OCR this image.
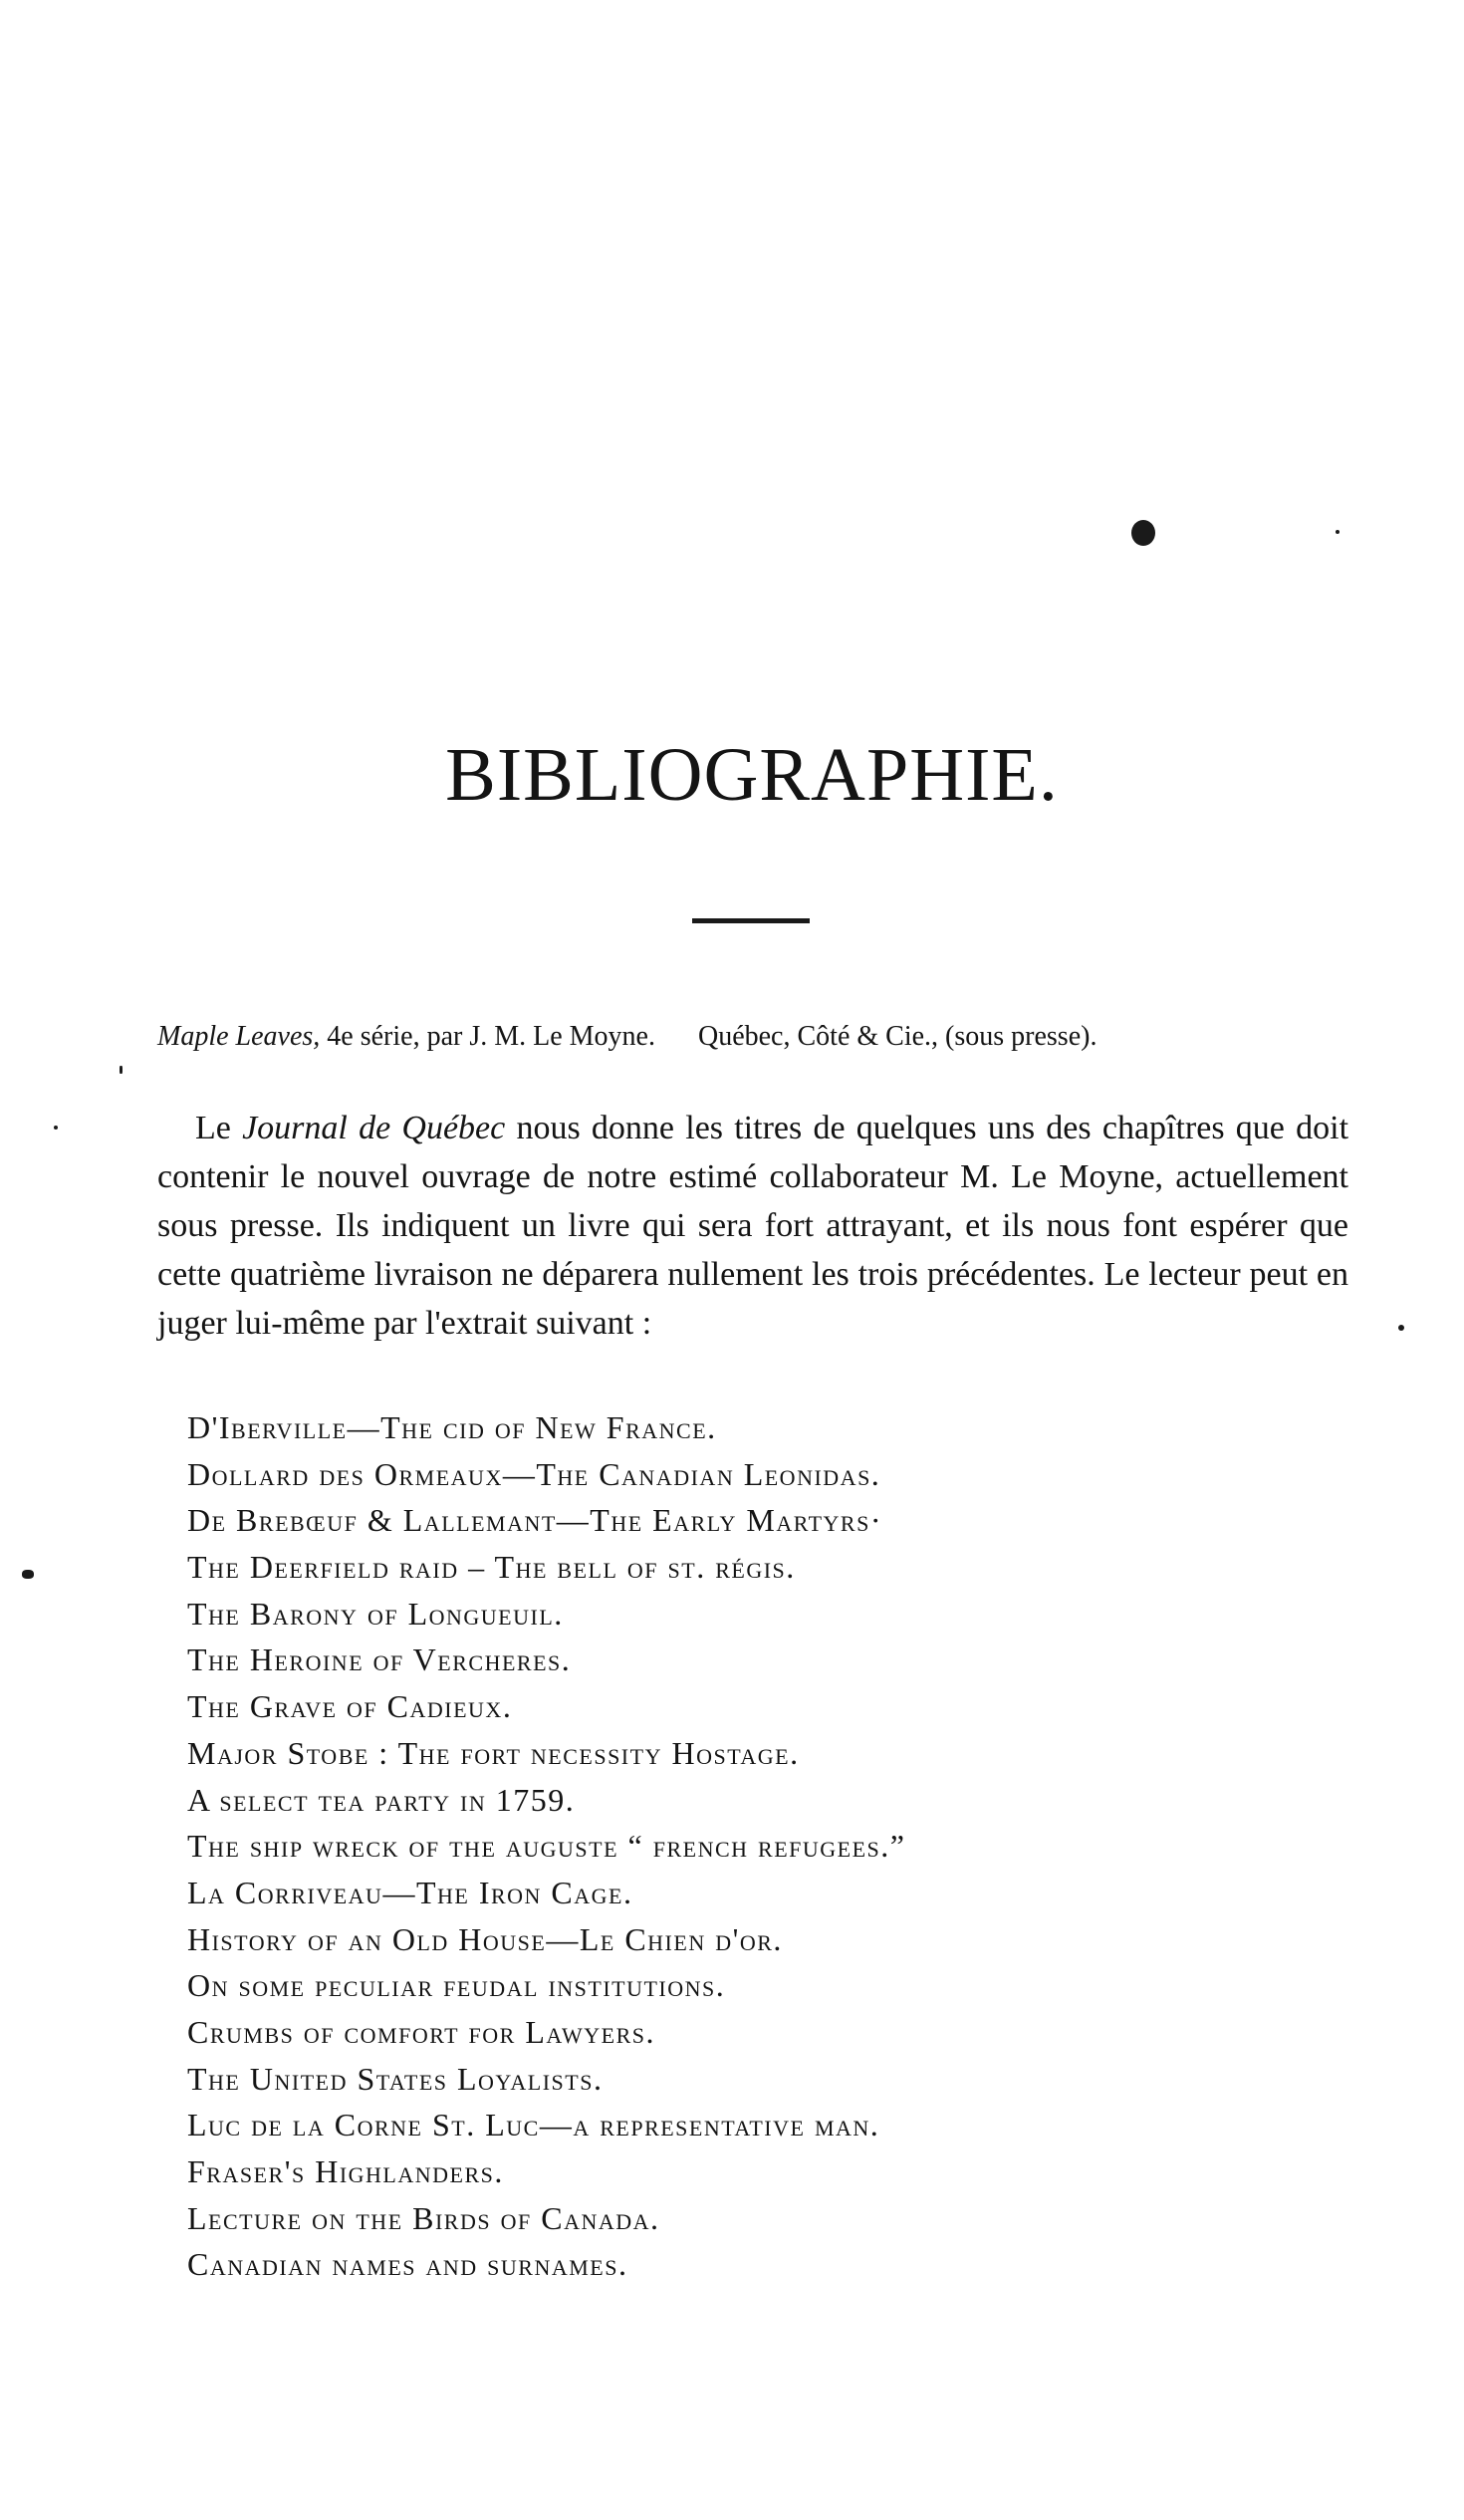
BIBLIOGRAPHIE.
Maple Leaves, 4e série, par J. M. Le Moyne. Québec, Côté & Cie., (sous presse).

Le Journal de Québec nous donne les titres de quelques uns des chapîtres que doit contenir le nouvel ouvrage de notre estimé collaborateur M. Le Moyne, actuellement sous presse. Ils indiquent un livre qui sera fort attrayant, et ils nous font espérer que cette quatrième livraison ne déparera nullement les trois précédentes. Le lecteur peut en juger lui-même par l'extrait suivant :

D'Iberville—The cid of New France.
Dollard des Ormeaux—The Canadian Leonidas.
De Brebœuf & Lallemant—The Early Martyrs·
The Deerfield raid – The bell of st. régis.
The Barony of Longueuil.
The Heroine of Vercheres.
The Grave of Cadieux.
Major Stobe : The fort necessity Hostage.
A select tea party in 1759.
The ship wreck of the auguste “ french refugees.”
La Corriveau—The Iron Cage.
History of an Old House—Le Chien d'or.
On some peculiar feudal institutions.
Crumbs of comfort for Lawyers.
The United States Loyalists.
Luc de la Corne St. Luc—a representative man.
Fraser's Highlanders.
Lecture on the Birds of Canada.
Canadian names and surnames.
